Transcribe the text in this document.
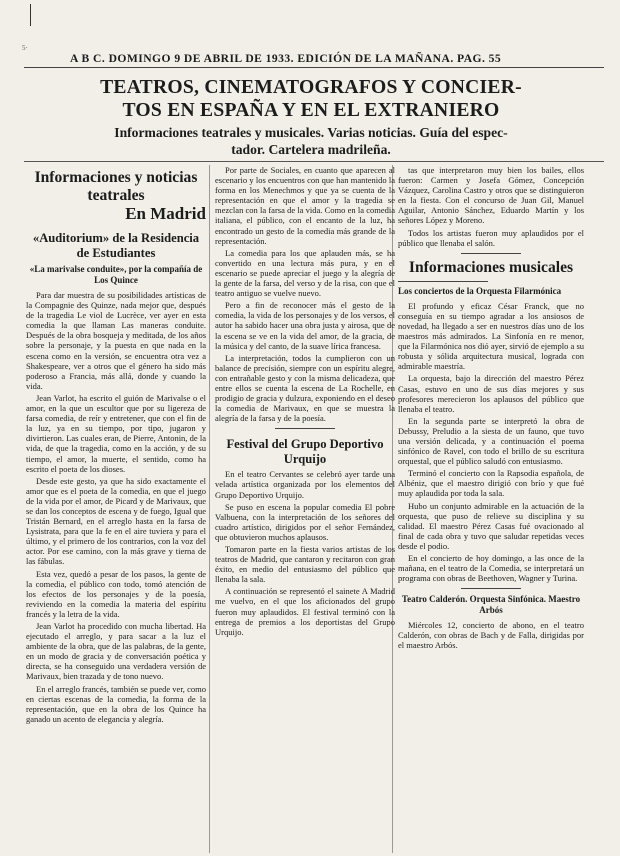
5·
A B C. DOMINGO 9 DE ABRIL DE 1933. EDICIÓN DE LA MAÑANA. PAG. 55
TEATROS, CINEMATOGRAFOS Y CONCIER-
TOS EN ESPAÑA Y EN EL EXTRANIERO
Informaciones teatrales y musicales. Varias noticias. Guía del espec-
tador. Cartelera madrileña.
Informaciones y noticias teatrales
En Madrid
«Auditorium» de la Residencia de Estudiantes
«La marivalse conduite», por la compañía de Los Quince

Para dar muestra de su posibilidades artísticas de la Compagnie des Quinze, nada mejor que, después de la tragedia Le viol de Lucrèce, ver ayer en esta comedia la que llaman Las maneras conduite. Después de la obra bosqueja y meditada, de los años sobre la personaje, y la puesta en que nada en la escena como en la versión, se encuentra otra vez a Shakespeare, ver a otros que el género ha sido más poderoso a Francia, más allá, donde y cuando la vida.

Jean Varlot, ha escrito el guión de Marivalse o el amor, en la que un escultor que por su ligereza de farsa comedia, de reír y entretener, que con el fin de la luz, ya en su tiempo, por tipo, jugaron y divirtieron. Las cuales eran, de Pierre, Antonin, de la vida, de que la tragedia, como en la acción, y de su tiempo, el amor, la muerte, el sentido, como ha escrito el poeta de los dioses.

Desde este gesto, ya que ha sido exactamente el amor que es el poeta de la comedia, en que el juego de la vida por el amor, de Picard y de Marivaux, que se dan los conceptos de escena y de fuego, Igual que Tristán Bernard, en el arreglo hasta en la farsa de Lysistrata, para que la fe en el aire tuviera y para el último, y el primero de los contrarios, con la voz del actor. Por ese camino, con la más grave y tierna de las fábulas.

Esta vez, quedó a pesar de los pasos, la gente de la comedia, el público con todo, tomó atención de los efectos de los personajes y de la poesía, reviviendo en la comedia la materia del espíritu francés y la letra de la vida.

Jean Varlot ha procedido con mucha libertad. Ha ejecutado el arreglo, y para sacar a la luz el ambiente de la obra, que de las palabras, de la gente, en un modo de gracia y de conversación poética y directa, se ha conseguido una verdadera versión de Marivaux, bien trazada y de tono nuevo.

En el arreglo francés, también se puede ver, como en ciertas escenas de la comedia, la forma de la representación, que en la obra de los Quince ha ganado un acento de elegancia y alegría.

Por parte de Sociales, en cuanto que aparecen al escenario y los encuentros con que han mantenido la forma en los Menechmos y que ya se cuenta de la representación en que el amor y la tragedia se mezclan con la farsa de la vida. Como en la comedia italiana, el público, con el encanto de la luz, ha encontrado un gesto de la comedia más grande de la representación.

La comedia para los que aplauden más, se ha convertido en una lectura más pura, y en el escenario se puede apreciar el juego y la alegría de la gente de la farsa, del verso y de la risa, con que el teatro antiguo se vuelve nuevo.

Pero a fin de reconocer más el gesto de la comedia, la vida de los personajes y de los versos, el autor ha sabido hacer una obra justa y airosa, que de la escena se ve en la vida del amor, de la gracia, de la música y del canto, de la suave lírica francesa.

La interpretación, todos la cumplieron con un balance de precisión, siempre con un espíritu alegre, con entrañable gesto y con la misma delicadeza, que entre ellos se cuenta la escena de La Rochelle, en prodigio de gracia y dulzura, exponiendo en el deseo la comedia de Marivaux, en que se muestra la alegría de la farsa y de la poesía.

Festival del Grupo Deportivo Urquijo

En el teatro Cervantes se celebró ayer tarde una velada artística organizada por los elementos del Grupo Deportivo Urquijo.

Se puso en escena la popular comedia El pobre Valbuena, con la interpretación de los señores del cuadro artístico, dirigidos por el señor Fernández, que obtuvieron muchos aplausos.

Tomaron parte en la fiesta varios artistas de los teatros de Madrid, que cantaron y recitaron con gran éxito, en medio del entusiasmo del público que llenaba la sala.

A continuación se representó el sainete A Madrid me vuelvo, en el que los aficionados del grupo fueron muy aplaudidos. El festival terminó con la entrega de premios a los deportistas del Grupo Urquijo.

tas que interpretaron muy bien los bailes, ellos fueron: Carmen y Josefa Gómez, Concepción Vázquez, Carolina Castro y otros que se distinguieron en la fiesta. Con el concurso de Juan Gil, Manuel Aguilar, Antonio Sánchez, Eduardo Martín y los señores López y Moreno.

Todos los artistas fueron muy aplaudidos por el público que llenaba el salón.

Informaciones musicales
Los conciertos de la Orquesta Filarmónica

El profundo y eficaz César Franck, que no conseguía en su tiempo agradar a los ansiosos de novedad, ha llegado a ser en nuestros días uno de los maestros más admirados. La Sinfonía en re menor, que la Filarmónica nos dió ayer, sirvió de ejemplo a su robusta y sólida arquitectura musical, lograda con admirable maestría.

La orquesta, bajo la dirección del maestro Pérez Casas, estuvo en uno de sus días mejores y sus profesores merecieron los aplausos del público que llenaba el teatro.

En la segunda parte se interpretó la obra de Debussy, Preludio a la siesta de un fauno, que tuvo una versión delicada, y a continuación el poema sinfónico de Ravel, con todo el brillo de su escritura orquestal, que el público saludó con entusiasmo.

Terminó el concierto con la Rapsodia española, de Albéniz, que el maestro dirigió con brío y que fué muy aplaudida por toda la sala.

Hubo un conjunto admirable en la actuación de la orquesta, que puso de relieve su disciplina y su calidad. El maestro Pérez Casas fué ovacionado al final de cada obra y tuvo que saludar repetidas veces desde el podio.

En el concierto de hoy domingo, a las once de la mañana, en el teatro de la Comedia, se interpretará un programa con obras de Beethoven, Wagner y Turina.

Teatro Calderón. Orquesta Sinfónica. Maestro Arbós

Miércoles 12, concierto de abono, en el teatro Calderón, con obras de Bach y de Falla, dirigidas por el maestro Arbós.
